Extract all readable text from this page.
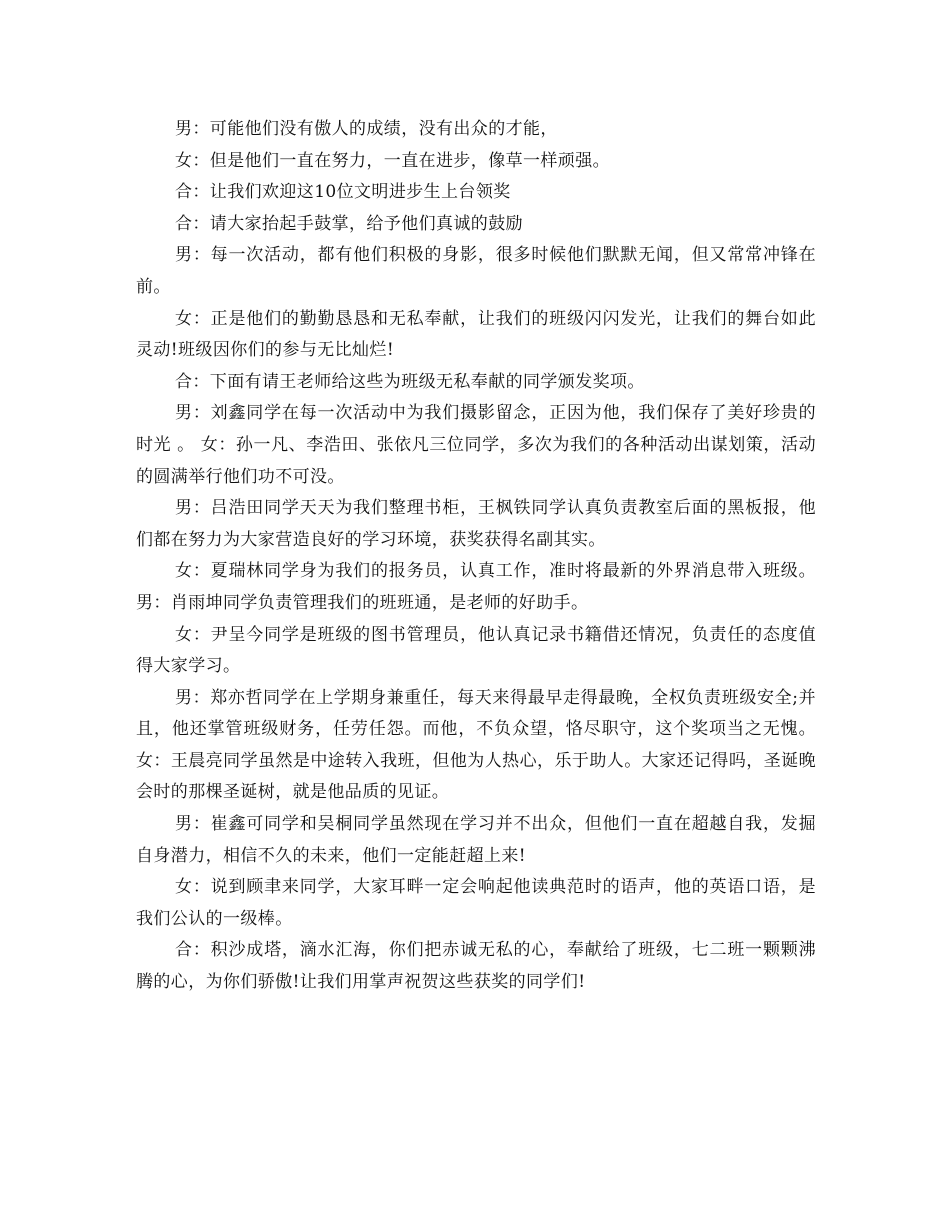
男：可能他们没有傲人的成绩，没有出众的才能，

女：但是他们一直在努力，一直在进步，像草一样顽强。

合：让我们欢迎这10位文明进步生上台领奖

合：请大家抬起手鼓掌，给予他们真诚的鼓励

男：每一次活动，都有他们积极的身影，很多时候他们默默无闻，但又常常冲锋在前。

女：正是他们的勤勤恳恳和无私奉献，让我们的班级闪闪发光，让我们的舞台如此灵动!班级因你们的参与无比灿烂!

合：下面有请王老师给这些为班级无私奉献的同学颁发奖项。

男：刘鑫同学在每一次活动中为我们摄影留念，正因为他，我们保存了美好珍贵的时光 。 女：孙一凡、李浩田、张依凡三位同学，多次为我们的各种活动出谋划策，活动的圆满举行他们功不可没。

男：吕浩田同学天天为我们整理书柜，王枫铁同学认真负责教室后面的黑板报，他们都在努力为大家营造良好的学习环境，获奖获得名副其实。

女：夏瑞林同学身为我们的报务员，认真工作，准时将最新的外界消息带入班级。 男：肖雨坤同学负责管理我们的班班通，是老师的好助手。

女：尹呈今同学是班级的图书管理员，他认真记录书籍借还情况，负责任的态度值得大家学习。

男：郑亦哲同学在上学期身兼重任，每天来得最早走得最晚，全权负责班级安全;并且，他还掌管班级财务，任劳任怨。而他，不负众望，恪尽职守，这个奖项当之无愧。 女：王晨亮同学虽然是中途转入我班，但他为人热心，乐于助人。大家还记得吗，圣诞晚会时的那棵圣诞树，就是他品质的见证。

男：崔鑫可同学和吴桐同学虽然现在学习并不出众，但他们一直在超越自我，发掘自身潜力，相信不久的未来，他们一定能赶超上来!

女：说到顾聿来同学，大家耳畔一定会响起他读典范时的语声，他的英语口语，是我们公认的一级棒。

合：积沙成塔，滴水汇海，你们把赤诚无私的心，奉献给了班级，七二班一颗颗沸腾的心，为你们骄傲!让我们用掌声祝贺这些获奖的同学们!
